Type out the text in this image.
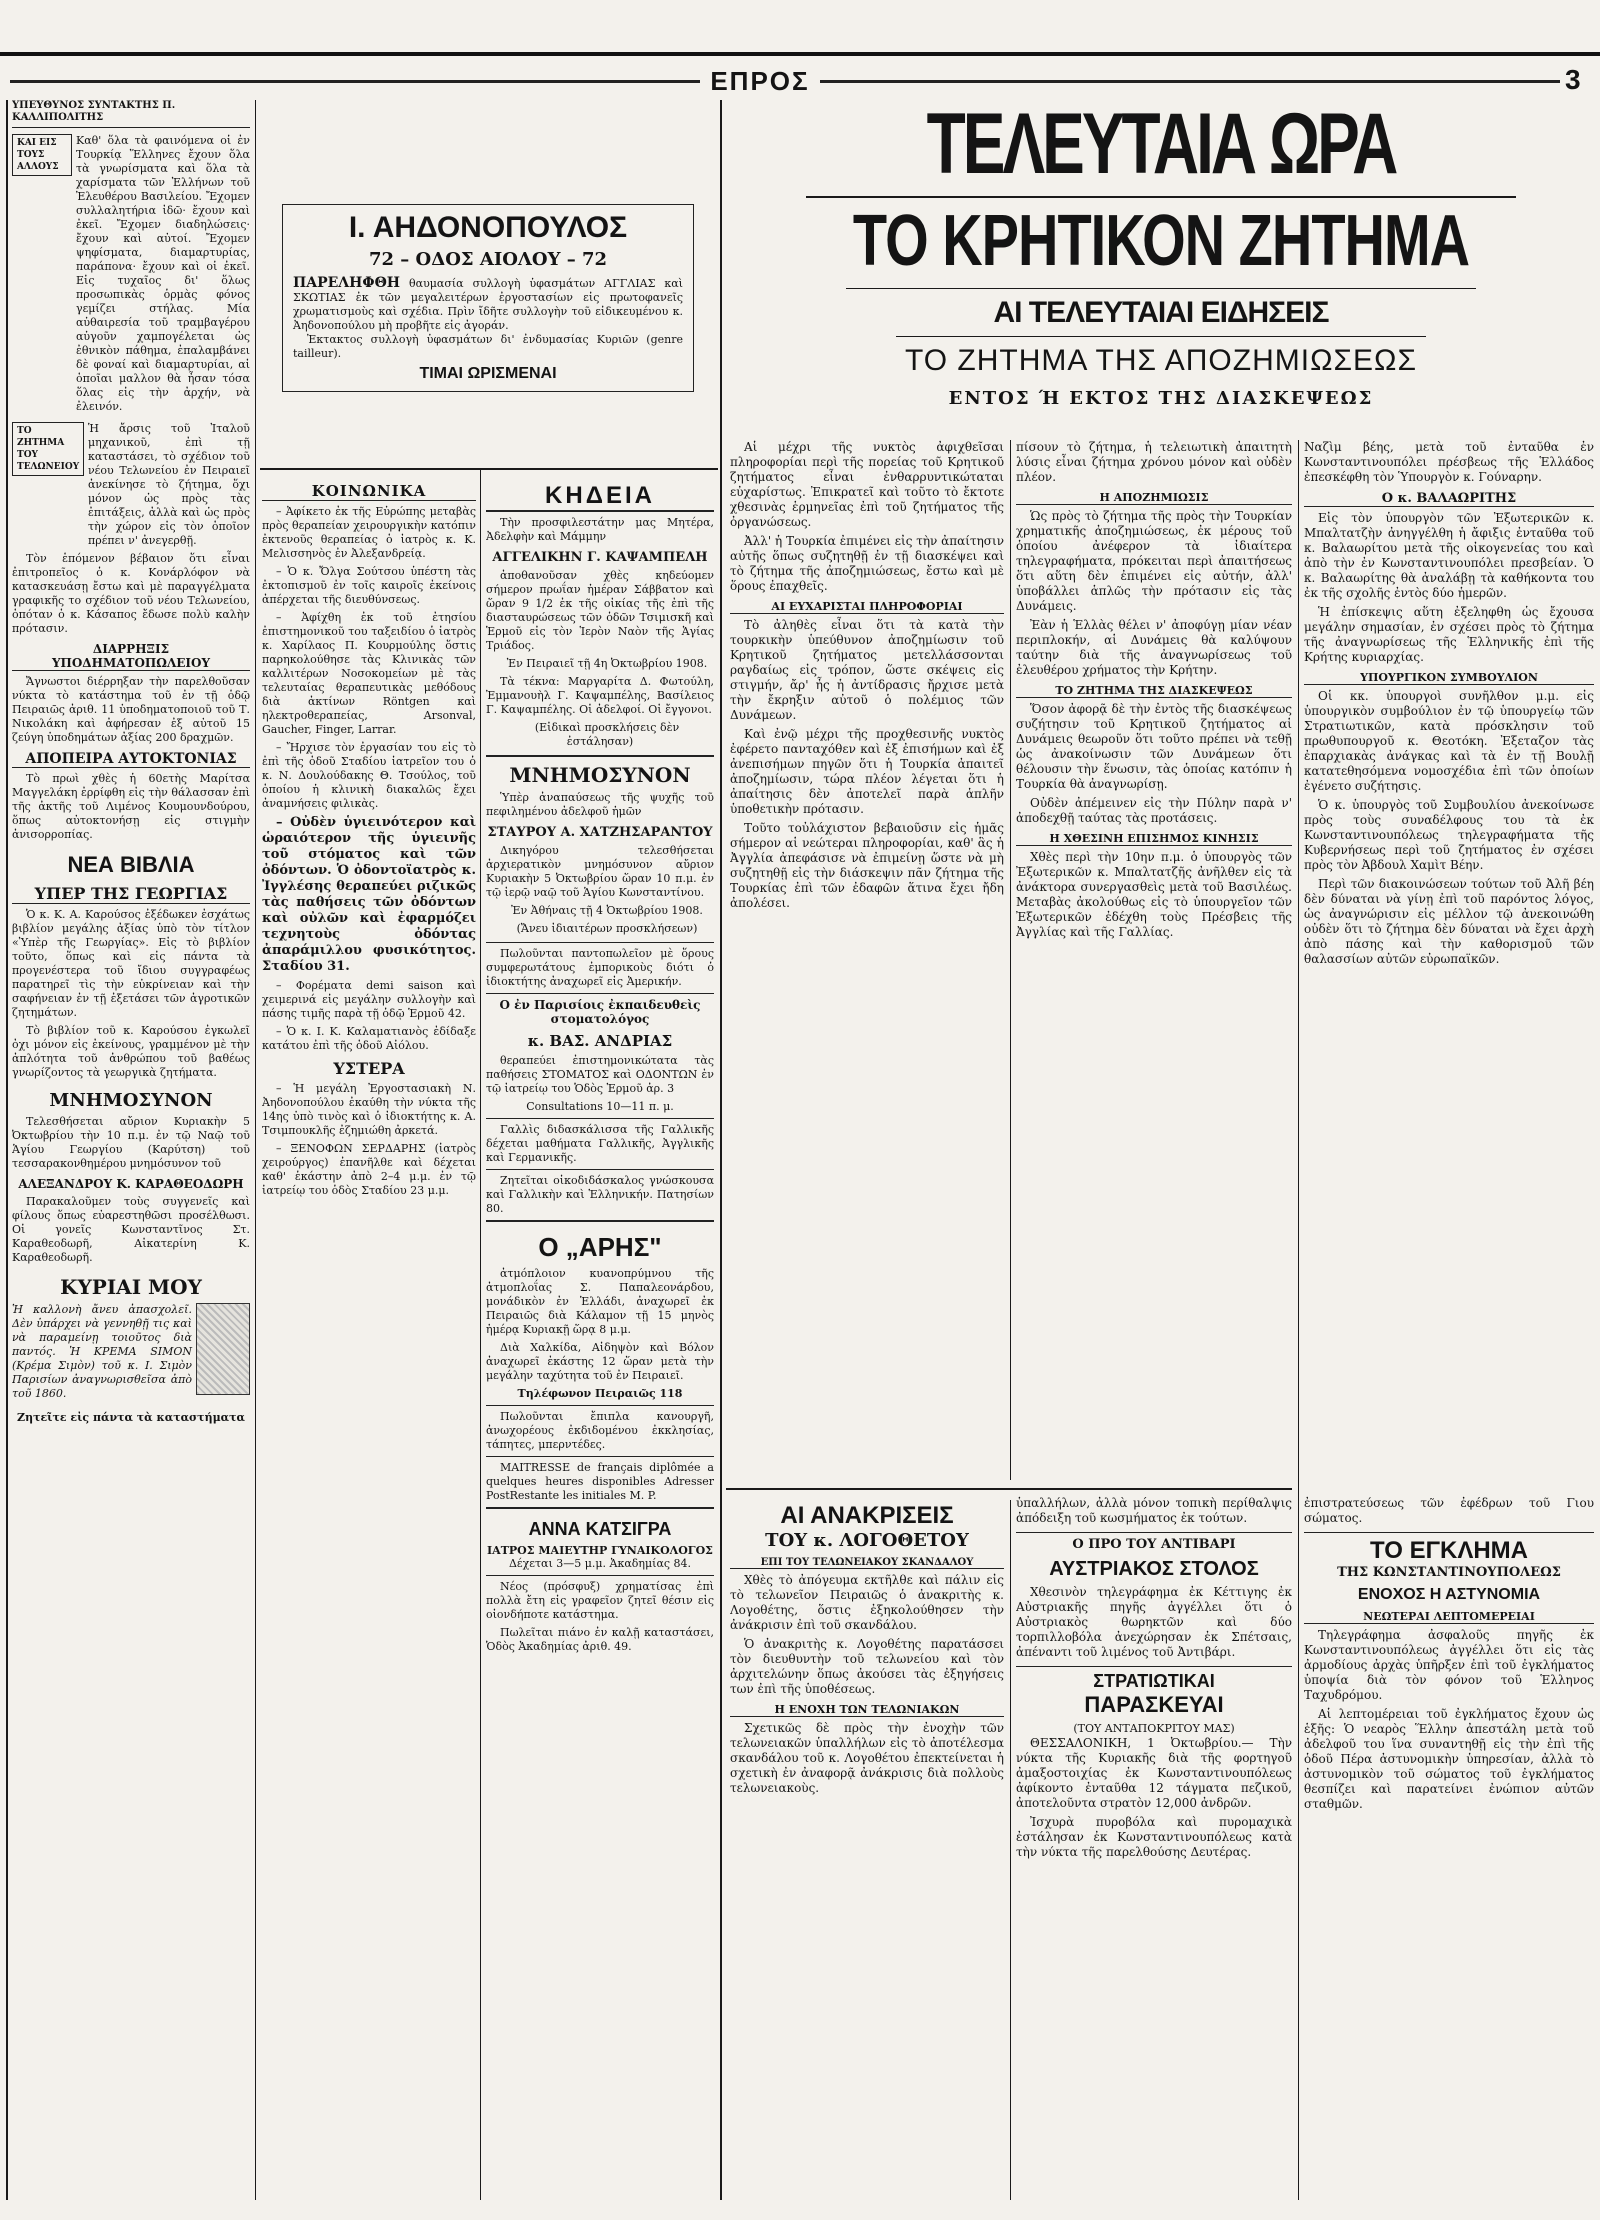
ΕΠΡΟΣ	3
ΥΠΕΥΘΥΝΟΣ ΣΥΝΤΑΚΤΗΣ Π. ΚΑΛΛΙΠΟΛΙΤΗΣ
ΚΑΙ ΕΙΣ ΤΟΥΣ ΑΛΛΟΥΣ

Καθ' ὅλα τὰ φαινόμενα οἱ ἐν Τουρκίᾳ Ἕλληνες ἔχουν ὅλα τὰ γνωρίσματα καὶ ὅλα τὰ χαρίσματα τῶν Ἑλλήνων τοῦ Ἐλευθέρου Βασιλείου. Ἔχομεν συλλαλητήρια ἰδῶ· ἔχουν καὶ ἐκεῖ. Ἔχομεν διαδηλώσεις· ἔχουν καὶ αὐτοί. Ἔχομεν ψηφίσματα, διαμαρτυρίας, παράπονα· ἔχουν καὶ οἱ ἐκεῖ. Εἰς τυχαῖος δι' ὅλως προσωπικὰς ὁρμὰς φόνος γεμίζει στήλας. Μία αὐθαιρεσία τοῦ τραμβαγέρου αὐγοῦν χαμπογέλεται ὡς ἐθνικὸν πάθημα, ἐπαλαμβάνει δὲ φοναί καὶ διαμαρτυρίαι, αἱ ὁποῖαι μαλλον θὰ ἦσαν τόσα ὅλας εἰς τὴν ἀρχήν, νὰ ἐλεινόν.

ΤΟ ΖΗΤΗΜΑ ΤΟΥ ΤΕΛΩΝΕΙΟΥ

Ἡ ἄρσις τοῦ Ἰταλοῦ μηχανικοῦ, ἐπὶ τῇ καταστάσει, τὸ σχέδιον τοῦ νέου Τελωνείου ἐν Πειραιεῖ ἀνεκίνησε τὸ ζήτημα, ὅχι μόνον ὡς πρὸς τὰς ἐπιτάξεις, ἀλλὰ καὶ ὡς πρὸς τὴν χώρον εἰς τὸν ὁποῖον πρέπει ν' ἀνεγερθῇ.

Τὸν ἑπόμενον βέβαιον ὅτι εἶναι ἐπιτροπεῖος ὁ κ. Κονάρλόφον νὰ κατασκευάσῃ ἔστω καὶ μὲ παραγγέλματα γραφικῆς το σχέδιον τοῦ νέου Τελωνείου, ὁπόταν ὁ κ. Κάσαπος ἔδωσε πολὺ καλὴν πρότασιν.

ΔΙΑΡΡΗΞΙΣ ΥΠΟΔΗΜΑΤΟΠΩΛΕΙΟΥ

Ἄγνωστοι διέρρηξαν τὴν παρελθοῦσαν νύκτα τὸ κατάστημα τοῦ ἐν τῇ ὁδῷ Πειραιῶς ἀριθ. 11 ὑποδηματοποιοῦ τοῦ Τ. Νικολάκη καὶ ἀφήρεσαν ἐξ αὐτοῦ 15 ζεύγη ὑποδημάτων ἀξίας 200 δραχμῶν.

ΑΠΟΠΕΙΡΑ ΑΥΤΟΚΤΟΝΙΑΣ

Τὸ πρωὶ χθὲς ἡ 60ετὴς Μαρίτσα Μαγγελάκη ἐρρίφθη εἰς τὴν θάλασσαν ἐπὶ τῆς ἀκτῆς τοῦ Λιμένος Κουμουνδούρου, ὅπως αὐτοκτονήσῃ εἰς στιγμὴν ἀνισορροπίας.

ΝΕΑ ΒΙΒΛΙΑ
ΥΠΕΡ ΤΗΣ ΓΕΩΡΓΙΑΣ

Ὁ κ. Κ. Α. Καρούσος ἐξέδωκεν ἐσχάτως βιβλίον μεγάλης ἀξίας ὑπὸ τὸν τίτλον «Ὑπὲρ τῆς Γεωργίας». Εἰς τὸ βιβλίον τοῦτο, ὅπως καὶ εἰς πάντα τὰ προγενέστερα τοῦ ἴδιου συγγραφέως παρατηρεῖ τὶς τὴν εὐκρίνειαν καὶ τὴν σαφήνειαν ἐν τῇ ἐξετάσει τῶν ἀγροτικῶν ζητημάτων.

Τὸ βιβλίον τοῦ κ. Καρούσου ἐγκωλεῖ ὀχι μόνον εἰς ἐκείνους, γραμμένον μὲ τὴν ἀπλότητα τοῦ ἀνθρώπου τοῦ βαθέως γνωρίζοντος τὰ γεωργικὰ ζητήματα.

ΜΝΗΜΟΣΥΝΟΝ

Τελεσθήσεται αὔριον Κυριακὴν 5 Ὀκτωβρίου τὴν 10 π.μ. ἐν τῷ Ναῷ τοῦ Ἁγίου Γεωργίου (Καρύτση) τοῦ τεσσαρακονθημέρου μνημόσυνον τοῦ

ΑΛΕΞΑΝΔΡΟΥ Κ. ΚΑΡΑΘΕΟΔΩΡΗ

Παρακαλοῦμεν τοὺς συγγενεῖς καὶ φίλους ὅπως εὐαρεστηθῶσι προσέλθωσι. Οἱ γονεῖς Κωνσταντῖνος Στ. Καραθεοδωρῆ, Αἰκατερίνη Κ. Καραθεοδωρῆ.

ΚΥΡΙΑΙ ΜΟΥ

Ἡ καλλονὴ ἄνευ ἀπασχολεῖ. Δὲν ὑπάρχει νὰ γεννηθῇ τις καὶ νὰ παραμείνῃ τοιοῦτος διὰ παντός. Ἡ ΚΡΕΜΑ SIMON (Κρέμα Σιμὸν) τοῦ κ. Ι. Σιμὸν Παρισίων ἀναγνωρισθεῖσα ἀπὸ τοῦ 1860.

Ζητεῖτε εἰς πάντα τὰ καταστήματα
Ι. ΑΗΔΟΝΟΠΟΥΛΟΣ
72 – ΟΔΟΣ ΑΙΟΛΟΥ – 72

ΠΑΡΕΛΗΦΘΗ θαυμασία συλλογὴ ὑφασμάτων ΑΓΓΛΙΑΣ καὶ ΣΚΩΤΙΑΣ ἐκ τῶν μεγαλειτέρων ἐργοστασίων εἰς πρωτοφανεῖς χρωματισμοὺς καὶ σχέδια. Πρὶν ἴδῆτε συλλογὴν τοῦ εἰδικευμένου κ. Ἀηδονοπούλου μὴ προβῆτε εἰς ἀγοράν.

Ἐκτακτος συλλογὴ ὑφασμάτων δι' ἐνδυμασίας Κυριῶν (genre tailleur).

ΤΙΜΑΙ ΩΡΙΣΜΕΝΑΙ
ΚΟΙΝΩΝΙΚΑ

– Ἀφίκετο ἐκ τῆς Εὐρώπης μεταβὰς πρὸς θεραπείαν χειρουργικὴν κατόπιν ἐκτενοῦς θεραπείας ὁ ἰατρὸς κ. Κ. Μελισσηνὸς ἐν Ἀλεξανδρείᾳ.

– Ὁ κ. Ὄλγα Σούτσου ὑπέστη τὰς ἐκτοπισμοῦ ἐν τοῖς καιροῖς ἐκείνοις ἀπέρχεται τῆς διευθύνσεως.

– Ἀφίχθη ἐκ τοῦ ἐτησίου ἐπιστημονικοῦ του ταξειδίου ὁ ἰατρὸς κ. Χαρίλαος Π. Κουρμούλης ὅστις παρηκολούθησε τὰς Κλινικὰς τῶν καλλιτέρων Νοσοκομείων μὲ τὰς τελευταίας θεραπευτικὰς μεθόδους διὰ ἀκτίνων Röntgen καὶ ηλεκτροθεραπείας, Arsonval, Gaucher, Finger, Larrar.

– Ἤρχισε τὸν ἐργασίαν του εἰς τὸ ἐπὶ τῆς ὁδοῦ Σταδίου ἰατρεῖον του ὁ κ. Ν. Δουλούδακης Θ. Τσούλος, τοῦ ὁποίου ἡ κλινικὴ διακαλῶς ἔχει ἀναμνήσεις φιλικὰς.

– Οὐδὲν ὑγιεινότερον καὶ ὡραιότερον τῆς ὑγιεινῆς τοῦ στόματος καὶ τῶν ὀδόντων. Ὁ ὀδοντοϊατρὸς κ. Ἰγγλέσης θεραπεύει ριζικῶς τὰς παθήσεις τῶν ὀδόντων καὶ οὐλῶν καὶ ἐφαρμόζει τεχνητοὺς ὀδόντας ἀπαράμιλλου φυσικότητος. Σταδίου 31.

– Φορέματα demi saison καὶ χειμερινά εἰς μεγάλην συλλογὴν καὶ πάσης τιμῆς παρὰ τῇ ὁδῷ Ἑρμοῦ 42.

– Ὁ κ. Ι. Κ. Καλαματιανὸς ἐδίδαξε κατάτου ἐπὶ τῆς ὁδοῦ Αἰόλου.

ΥΣΤΕΡΑ

– Ἡ μεγάλη Ἐργοστασιακὴ Ν. Ἀηδονοπούλου ἐκαύθη τὴν νύκτα τῆς 14ης ὑπὸ τινὸς καὶ ὁ ἰδιοκτήτης κ. Α. Τσιμπουκλῆς ἐζημιώθη ἀρκετά.

– ΞΕΝΟΦΩΝ ΣΕΡΔΑΡΗΣ (ἰατρὸς χειρούργος) ἐπανῆλθε καὶ δέχεται καθ' ἑκάστην ἀπὸ 2–4 μ.μ. ἐν τῷ ἰατρείῳ του ὁδὸς Σταδίου 23 μ.μ.

ΚΗΔΕΙΑ

Τὴν προσφιλεστάτην μας Μητέρα, Ἀδελφὴν καὶ Μάμμην

ΑΓΓΕΛΙΚΗΝ Γ. ΚΑΨΑΜΠΕΛΗ

ἀποθανοῦσαν χθὲς κηδεύομεν σήμερον πρωΐαν ἡμέραν Σάββατον καὶ ὥραν 9 1/2 ἐκ τῆς οἰκίας τῆς ἐπὶ τῆς διασταυρώσεως τῶν ὁδῶν Τσιμισκῆ καὶ Ἑρμοῦ εἰς τὸν Ἱερὸν Ναὸν τῆς Ἁγίας Τριάδος.

Ἐν Πειραιεῖ τῇ 4η Ὀκτωβρίου 1908.

Τὰ τέκνα: Μαργαρίτα Δ. Φωτούλη, Ἐμμανουὴλ Γ. Καψαμπέλης, Βασίλειος Γ. Καψαμπέλης. Οἱ ἀδελφοί. Οἱ ἔγγονοι.

(Εἰδικαὶ προσκλήσεις δὲν ἐστάλησαν)

ΜΝΗΜΟΣΥΝΟΝ

Ὑπὲρ ἀναπαύσεως τῆς ψυχῆς τοῦ πεφιλημένου ἀδελφοῦ ἡμῶν

ΣΤΑΥΡΟΥ Α. ΧΑΤΖΗΣΑΡΑΝΤΟΥ

Δικηγόρου τελεσθήσεται ἀρχιερατικὸν μνημόσυνον αὔριον Κυριακὴν 5 Ὀκτωβρίου ὥραν 10 π.μ. ἐν τῷ ἱερῷ ναῷ τοῦ Ἁγίου Κωνσταντίνου.

Ἐν Ἀθήναις τῇ 4 Ὀκτωβρίου 1908.

(Ἄνευ ἰδιαιτέρων προσκλήσεων)

Πωλοῦνται παντοπωλεῖον μὲ ὅρους συμφερωτάτους ἐμπορικοὺς διότι ὁ ἰδιοκτήτης ἀναχωρεῖ εἰς Ἀμερικήν.

Ο ἐν Παρισίοις ἐκπαιδευθεὶς στοματολόγος
κ. ΒΑΣ. ΑΝΔΡΙΑΣ

θεραπεύει ἐπιστημονικώτατα τὰς παθήσεις ΣΤΟΜΑΤΟΣ καὶ ΟΔΟΝΤΩΝ ἐν τῷ ἰατρείῳ του Ὁδὸς Ἑρμοῦ ἀρ. 3

Consultations 10—11 π. μ.

Γαλλὶς διδασκάλισσα τῆς Γαλλικῆς δέχεται μαθήματα Γαλλικῆς, Ἀγγλικῆς καὶ Γερμανικῆς.

Ζητεῖται οἰκοδιδάσκαλος γνώσκουσα καὶ Γαλλικὴν καὶ Ἑλληνικήν. Πατησίων 80.

Ο „ΑΡΗΣ"

ἀτμόπλοιον κυανοπρύμνου τῆς ἀτμοπλοΐας Σ. Παπαλεονάρδου, μονάδικὸν ἐν Ἑλλάδι, ἀναχωρεῖ ἐκ Πειραιῶς διὰ Κάλαμον τῇ 15 μηνὸς ἡμέρᾳ Κυριακῇ ὥρᾳ 8 μ.μ.

Διὰ Χαλκίδα, Αἰδηψὸν καὶ Βόλον ἀναχωρεῖ ἐκάστης 12 ὥραν μετὰ τὴν μεγάλην ταχύτητα τοῦ ἐν Πειραιεῖ.

Τηλέφωνον Πειραιῶς 118

Πωλοῦνται ἔπιπλα κανουργῆ, ἀνωχορέους ἐκδιδομένου ἐκκλησίας, τάπητες, μπερντέδες.

MAITRESSE de français diplômée a quelques heures disponibles Adresser PostRestante les initiales M. P.

ΑΝΝΑ ΚΑΤΣΙΓΡΑ
ΙΑΤΡΟΣ ΜΑΙΕΥΤΗΡ ΓΥΝΑΙΚΟΛΟΓΟΣ
Δέχεται 3—5 μ.μ. Ἀκαδημίας 84.

Νέος (πρόσφυξ) χρηματίσας ἐπὶ πολλὰ ἔτη εἰς γραφεῖον ζητεῖ θέσιν εἰς οἱονδήποτε κατάστημα.

Πωλεῖται πιάνο ἐν καλῇ καταστάσει, Ὁδὸς Ἀκαδημίας ἀριθ. 49.

ΤΕΛΕΥΤΑΙΑ ΩΡΑ
ΤΟ ΚΡΗΤΙΚΟΝ ΖΗΤΗΜΑ
ΑΙ ΤΕΛΕΥΤΑΙΑΙ ΕΙΔΗΣΕΙΣ
ΤΟ ΖΗΤΗΜΑ ΤΗΣ ΑΠΟΖΗΜΙΩΣΕΩΣ
ΕΝΤΟΣ Ή ΕΚΤΟΣ ΤΗΣ ΔΙΑΣΚΕΨΕΩΣ

Αἱ μέχρι τῆς νυκτὸς ἀφιχθεῖσαι πληροφορίαι περὶ τῆς πορείας τοῦ Κρητικοῦ ζητήματος εἶναι ἐνθαρρυντικώταται εὐχαρίστως. Ἐπικρατεῖ καὶ τοῦτο τὸ ἔκτοτε χθεσινὰς ἑρμηνεῖας ἐπὶ τοῦ ζητήματος τῆς ὀργανώσεως.

Ἀλλ' ἡ Τουρκία ἐπιμένει εἰς τὴν ἀπαίτησιν αὐτῆς ὅπως συζητηθῇ ἐν τῇ διασκέψει καὶ τὸ ζήτημα τῆς ἀποζημιώσεως, ἔστω καὶ μὲ ὅρους ἐπαχθεῖς.

ΑΙ ΕΥΧΑΡΙΣΤΑΙ ΠΛΗΡΟΦΟΡΙΑΙ

Τὸ ἀληθὲς εἶναι ὅτι τὰ κατὰ τὴν τουρκικὴν ὑπεύθυνον ἀποζημίωσιν τοῦ Κρητικοῦ ζητήματος μετελλάσσονται ραγδαίως εἰς τρόπον, ὥστε σκέψεις εἰς στιγμήν, ἄρ' ἦς ἡ ἀντίδρασις ἤρχισε μετὰ τὴν ἔκρηξιν αὐτοῦ ὁ πολέμιος τῶν Δυνάμεων.

Καὶ ἐνῷ μέχρι τῆς προχθεσινῆς νυκτὸς ἐφέρετο πανταχόθεν καὶ ἐξ ἐπισήμων καὶ ἐξ ἀνεπισήμων πηγῶν ὅτι ἡ Τουρκία ἀπαιτεῖ ἀποζημίωσιν, τώρα πλέον λέγεται ὅτι ἡ ἀπαίτησις δὲν ἀποτελεῖ παρὰ ἁπλῆν ὑποθετικὴν πρότασιν.

Τοῦτο τοὐλάχιστον βεβαιοῦσιν εἰς ἡμᾶς σήμερον αἱ νεώτεραι πληροφορίαι, καθ' ἃς ἡ Ἀγγλία ἀπεφάσισε νὰ ἐπιμείνῃ ὥστε νὰ μὴ συζητηθῇ εἰς τὴν διάσκεψιν πᾶν ζήτημα τῆς Τουρκίας ἐπὶ τῶν ἐδαφῶν ἅτινα ἔχει ἤδη ἀπολέσει.

πίσουν τὸ ζήτημα, ἡ τελειωτικὴ ἀπαιτητὴ λύσις εἶναι ζήτημα χρόνου μόνον καὶ οὐδὲν πλέον.

Η ΑΠΟΖΗΜΙΩΣΙΣ

Ὡς πρὸς τὸ ζήτημα τῆς πρὸς τὴν Τουρκίαν χρηματικῆς ἀποζημιώσεως, ἐκ μέρους τοῦ ὁποίου ἀνέφερον τὰ ἰδιαίτερα τηλεγραφήματα, πρόκειται περὶ ἀπαιτήσεως ὅτι αὕτη δὲν ἐπιμένει εἰς αὐτήν, ἀλλ' ὑποβάλλει ἁπλῶς τὴν πρότασιν εἰς τὰς Δυνάμεις.

Ἐὰν ἡ Ἑλλὰς θέλει ν' ἀποφύγῃ μίαν νέαν περιπλοκήν, αἱ Δυνάμεις θὰ καλύψουν ταύτην διὰ τῆς ἀναγνωρίσεως τοῦ ἐλευθέρου χρήματος τὴν Κρήτην.

ΤΟ ΖΗΤΗΜΑ ΤΗΣ ΔΙΑΣΚΕΨΕΩΣ

Ὅσον ἀφορᾷ δὲ τὴν ἐντὸς τῆς διασκέψεως συζήτησιν τοῦ Κρητικοῦ ζητήματος αἱ Δυνάμεις θεωροῦν ὅτι τοῦτο πρέπει νὰ τεθῇ ὡς ἀνακοίνωσιν τῶν Δυνάμεων ὅτι θέλουσιν τὴν ἕνωσιν, τὰς ὁποίας κατόπιν ἡ Τουρκία θὰ ἀναγνωρίσῃ.

Οὐδὲν ἀπέμεινεν εἰς τὴν Πύλην παρὰ ν' ἀποδεχθῇ ταύτας τὰς προτάσεις.

Η ΧΘΕΣΙΝΗ ΕΠΙΣΗΜΟΣ ΚΙΝΗΣΙΣ

Χθὲς περὶ τὴν 10ην π.μ. ὁ ὑπουργὸς τῶν Ἐξωτερικῶν κ. Μπαλτατζῆς ἀνῆλθεν εἰς τὰ ἀνάκτορα συνεργασθεὶς μετὰ τοῦ Βασιλέως. Μεταβὰς ἀκολούθως εἰς τὸ ὑπουργεῖον τῶν Ἐξωτερικῶν ἐδέχθη τοὺς Πρέσβεις τῆς Ἀγγλίας καὶ τῆς Γαλλίας.

Ναζὶμ βέης, μετὰ τοῦ ἐνταῦθα ἐν Κωνσταντινουπόλει πρέσβεως τῆς Ἑλλάδος ἐπεσκέφθη τὸν Ὑπουργὸν κ. Γούναρην.

Ο κ. ΒΑΛΑΩΡΙΤΗΣ

Εἰς τὸν ὑπουργὸν τῶν Ἐξωτερικῶν κ. Μπαλτατζὴν ἀνηγγέλθη ἡ ἄφιξις ἐνταῦθα τοῦ κ. Βαλαωρίτου μετὰ τῆς οἰκογενείας του καὶ ἀπὸ τὴν ἐν Κωνσταντινουπόλει πρεσβείαν. Ὁ κ. Βαλαωρίτης θὰ ἀναλάβῃ τὰ καθήκοντα του ἐκ τῆς σχολῆς ἐντὸς δύο ἡμερῶν.

Ἡ ἐπίσκεψις αὕτη ἐξεληφθη ὡς ἔχουσα μεγάλην σημασίαν, ἐν σχέσει πρὸς τὸ ζήτημα τῆς ἀναγνωρίσεως τῆς Ἑλληνικῆς ἐπὶ τῆς Κρήτης κυριαρχίας.

ΥΠΟΥΡΓΙΚΟΝ ΣΥΜΒΟΥΛΙΟΝ

Οἱ κκ. ὑπουργοὶ συνῆλθον μ.μ. εἰς ὑπουργικὸν συμβούλιον ἐν τῷ ὑπουργείῳ τῶν Στρατιωτικῶν, κατὰ πρόσκλησιν τοῦ πρωθυπουργοῦ κ. Θεοτόκη. Ἐξεταζον τὰς ἐπαρχιακὰς ἀνάγκας καὶ τὰ ἐν τῇ Βουλῇ κατατεθησόμενα νομοσχέδια ἐπὶ τῶν ὁποίων ἐγένετο συζήτησις.

Ὁ κ. ὑπουργὸς τοῦ Συμβουλίου ἀνεκοίνωσε πρὸς τοὺς συναδέλφους του τὰ ἐκ Κωνσταντινουπόλεως τηλεγραφήματα τῆς Κυβερνήσεως περὶ τοῦ ζητήματος ἐν σχέσει πρὸς τὸν Ἀβδουλ Χαμὶτ Βέην.

Περὶ τῶν διακοινώσεων τούτων τοῦ Ἀλῆ βέη δὲν δύναται νὰ γίνῃ ἐπὶ τοῦ παρόντος λόγος, ὡς ἀναγνώρισιν εἰς μέλλον τῷ ἀνεκοινώθη οὐδὲν ὅτι τὸ ζήτημα δὲν δύναται νὰ ἔχει ἀρχὴ ἀπὸ πάσης καὶ τὴν καθορισμοῦ τῶν θαλασσίων αὐτῶν εὐρωπαϊκῶν.

ΑΙ ΑΝΑΚΡΙΣΕΙΣ
ΤΟΥ κ. ΛΟΓΟΘΕΤΟΥ
ΕΠΙ ΤΟΥ ΤΕΛΩΝΕΙΑΚΟΥ ΣΚΑΝΔΑΛΟΥ

Χθὲς τὸ ἀπόγευμα εκτῆλθε καὶ πάλιν εἰς τὸ τελωνεῖον Πειραιῶς ὁ ἀνακριτὴς κ. Λογοθέτης, ὅστις ἐξηκολούθησεν τὴν ἀνάκρισιν ἐπὶ τοῦ σκανδάλου.

Ὁ ἀνακριτὴς κ. Λογοθέτης παρατάσσει τὸν διευθυντὴν τοῦ τελωνείου καὶ τὸν ἀρχιτελώνην ὅπως ἀκούσει τὰς ἐξηγήσεις των ἐπὶ τῆς ὑποθέσεως.

Η ΕΝΟΧΗ ΤΩΝ ΤΕΛΩΝΙΑΚΩΝ

Σχετικῶς δὲ πρὸς τὴν ἐνοχὴν τῶν τελωνειακῶν ὑπαλλήλων εἰς τὸ ἀποτέλεσμα σκανδάλου τοῦ κ. Λογοθέτου ἐπεκτείνεται ἡ σχετικὴ ἐν ἀναφορᾷ ἀνάκρισις διὰ πολλοὺς τελωνειακοὺς.

ὑπαλλήλων, ἀλλὰ μόνον τοπικὴ περίθαλψις ἀπόδειξη τοῦ κωσμήματος ἐκ τούτων.

Ο ΠΡΟ ΤΟΥ ΑΝΤΙΒΑΡΙ
ΑΥΣΤΡΙΑΚΟΣ ΣΤΟΛΟΣ

Χθεσινὸν τηλεγράφημα ἐκ Κέττιγης ἐκ Αὐστριακῆς πηγῆς ἀγγέλλει ὅτι ὁ Αὐστριακὸς θωρηκτῶν καὶ δύο τορπιλλοβόλα ἀνεχώρησαν ἐκ Σπέτσαις, ἀπέναντι τοῦ λιμένος τοῦ Ἀντιβάρι.

ΣΤΡΑΤΙΩΤΙΚΑΙ
ΠΑΡΑΣΚΕΥΑΙ
(ΤΟΥ ΑΝΤΑΠΟΚΡΙΤΟΥ ΜΑΣ)

ΘΕΣΣΑΛΟΝΙΚΗ, 1 Ὀκτωβρίου.— Τὴν νύκτα τῆς Κυριακῆς διὰ τῆς φορτηγοῦ ἀμαξοστοιχίας ἐκ Κωνσταντινουπόλεως ἀφίκοντο ἐνταῦθα 12 τάγματα πεζικοῦ, ἀποτελοῦντα στρατὸν 12,000 ἀνδρῶν.

Ἰσχυρὰ πυροβόλα καὶ πυρομαχικὰ ἐστάλησαν ἐκ Κωνσταντινουπόλεως κατὰ τὴν νύκτα τῆς παρελθούσης Δευτέρας.

ἐπιστρατεύσεως τῶν ἐφέδρων τοῦ Γιου σώματος.

ΤΟ ΕΓΚΛΗΜΑ
ΤΗΣ ΚΩΝΣΤΑΝΤΙΝΟΥΠΟΛΕΩΣ
ΕΝΟΧΟΣ Η ΑΣΤΥΝΟΜΙΑ
ΝΕΩΤΕΡΑΙ ΛΕΠΤΟΜΕΡΕΙΑΙ

Τηλεγράφημα ἀσφαλοῦς πηγῆς ἐκ Κωνσταντινουπόλεως ἀγγέλλει ὅτι εἰς τὰς ἀρμοδίους ἀρχὰς ὑπῆρξεν ἐπὶ τοῦ ἐγκλήματος ὑποψία διὰ τὸν φόνον τοῦ Ἑλληνος Ταχυδρόμου.

Αἱ λεπτομέρειαι τοῦ ἐγκλήματος ἔχουν ὡς ἑξῆς: Ὁ νεαρὸς Ἕλλην ἀπεστάλη μετὰ τοῦ ἀδελφοῦ του ἵνα συναντηθῇ εἰς τὴν ἐπὶ τῆς ὁδοῦ Πέρα ἀστυνομικὴν ὑπηρεσίαν, ἀλλὰ τὸ ἀστυνομικὸν τοῦ σώματος τοῦ ἐγκλήματος θεσπίζει καὶ παρατείνει ἐνώπιον αὐτῶν σταθμῶν.
